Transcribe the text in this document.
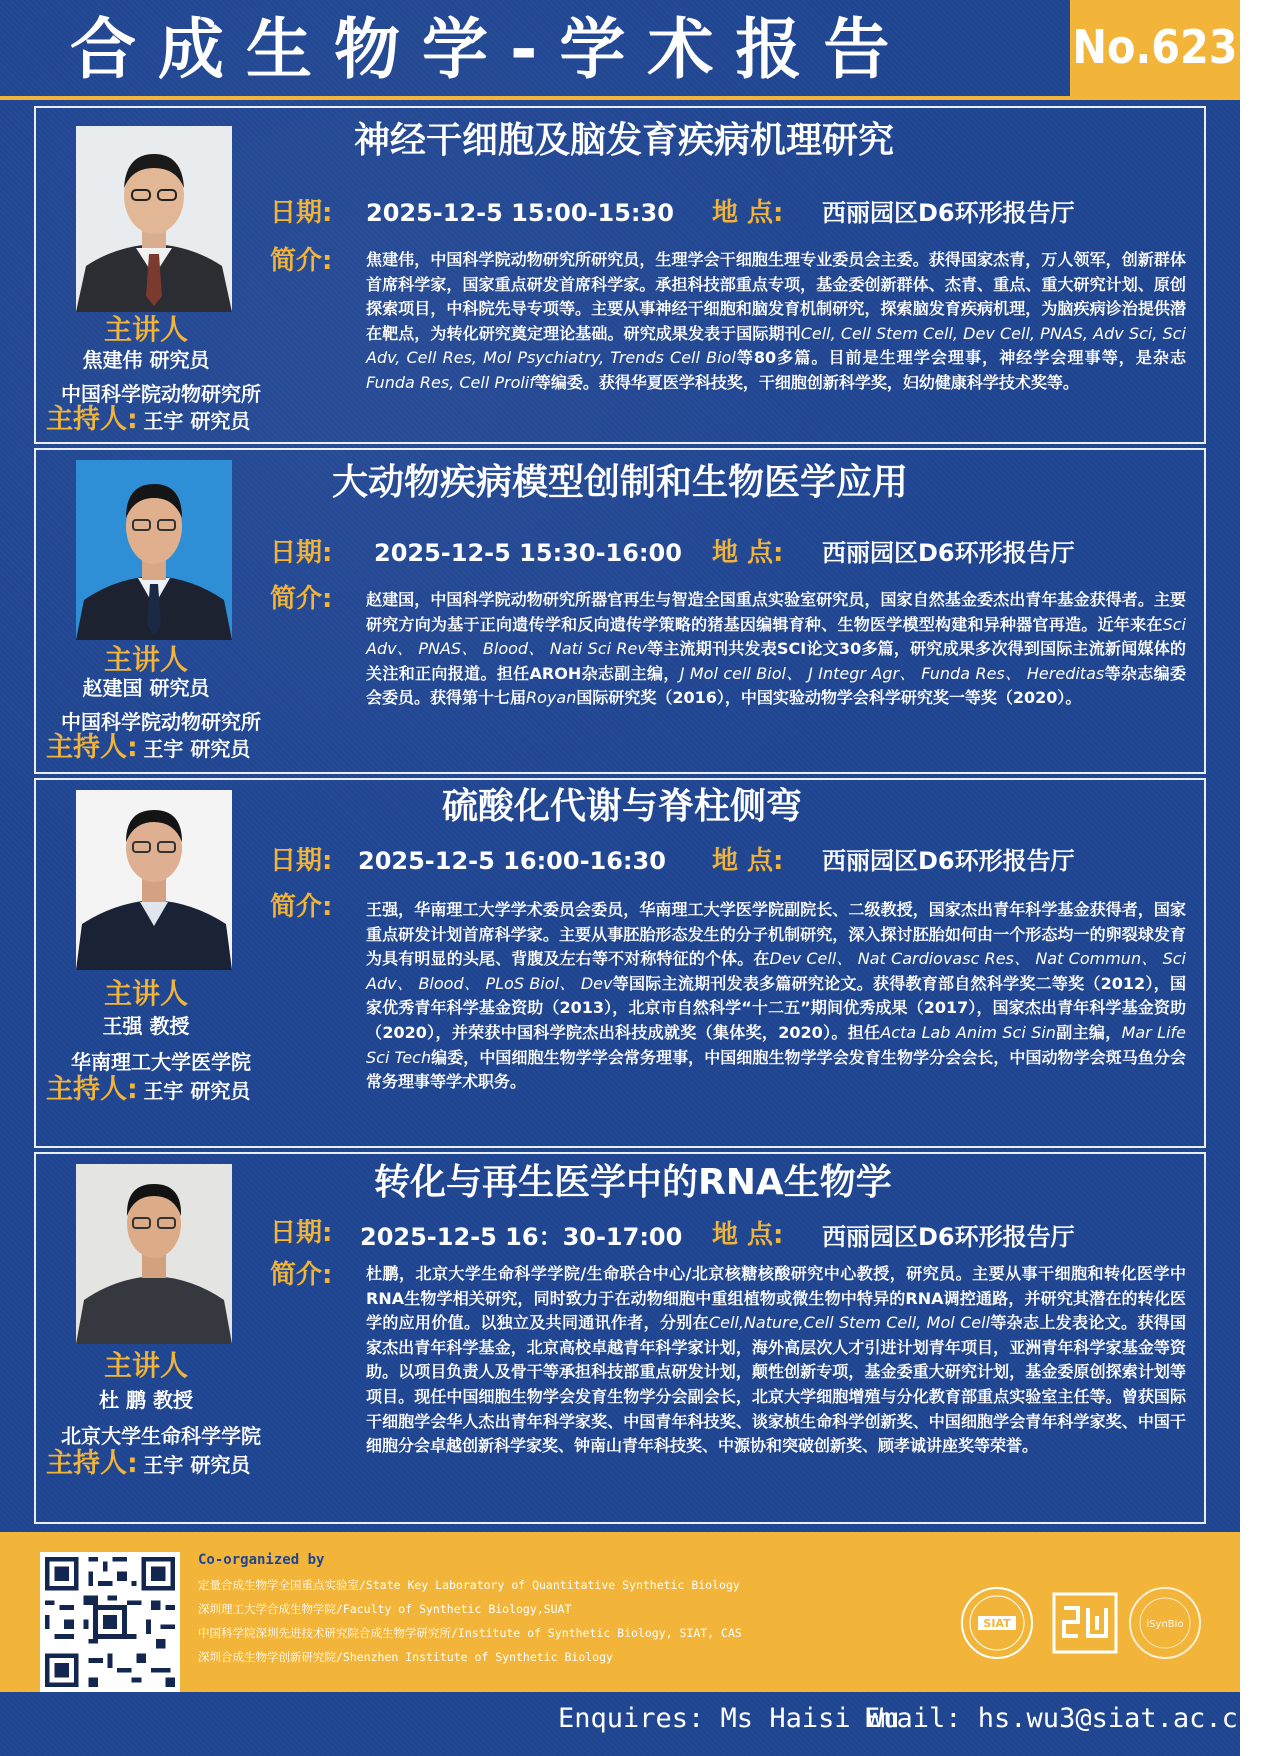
合成生物学-学术报告	No.623
主讲人
焦建伟 研究员
中国科学院动物研究所
主持人: 王宇 研究员
神经干细胞及脑发育疾病机理研究
日期: 2025-12-5 15:00-15:30 地 点: 西丽园区D6环形报告厅
简介: 焦建伟，中国科学院动物研究所研究员，生理学会干细胞生理专业委员会主委。获得国家杰青，万人领军，创新群体首席科学家，国家重点研发首席科学家。承担科技部重点专项，基金委创新群体、杰青、重点、重大研究计划、原创探索项目，中科院先导专项等。主要从事神经干细胞和脑发育机制研究，探索脑发育疾病机理，为脑疾病诊治提供潜在靶点，为转化研究奠定理论基础。研究成果发表于国际期刊Cell, Cell Stem Cell, Dev Cell, PNAS, Adv Sci, Sci Adv, Cell Res, Mol Psychiatry, Trends Cell Biol等80多篇。目前是生理学会理事，神经学会理事等，是杂志Funda Res, Cell Prolif等编委。获得华夏医学科技奖，干细胞创新科学奖，妇幼健康科学技术奖等。
主讲人
赵建国 研究员
中国科学院动物研究所
主持人: 王宇 研究员
大动物疾病模型创制和生物医学应用
日期: 2025-12-5 15:30-16:00 地 点: 西丽园区D6环形报告厅
简介: 赵建国，中国科学院动物研究所器官再生与智造全国重点实验室研究员，国家自然基金委杰出青年基金获得者。主要研究方向为基于正向遗传学和反向遗传学策略的猪基因编辑育种、生物医学模型构建和异种器官再造。近年来在Sci Adv、 PNAS、 Blood、 Nati Sci Rev等主流期刊共发表SCI论文30多篇，研究成果多次得到国际主流新闻媒体的关注和正向报道。担任AROH杂志副主编，J Mol cell Biol、 J Integr Agr、 Funda Res、 Hereditas等杂志编委会委员。获得第十七届Royan国际研究奖（2016），中国实验动物学会科学研究奖一等奖（2020）。
主讲人
王强 教授
华南理工大学医学院
主持人: 王宇 研究员
硫酸化代谢与脊柱侧弯
日期: 2025-12-5 16:00-16:30 地 点: 西丽园区D6环形报告厅
简介: 王强，华南理工大学学术委员会委员，华南理工大学医学院副院长、二级教授，国家杰出青年科学基金获得者，国家重点研发计划首席科学家。主要从事胚胎形态发生的分子机制研究，深入探讨胚胎如何由一个形态均一的卵裂球发育为具有明显的头尾、背腹及左右等不对称特征的个体。在Dev Cell、 Nat Cardiovasc Res、 Nat Commun、 Sci Adv、 Blood、 PLoS Biol、 Dev等国际主流期刊发表多篇研究论文。获得教育部自然科学奖二等奖（2012），国家优秀青年科学基金资助（2013），北京市自然科学“十二五”期间优秀成果（2017），国家杰出青年科学基金资助（2020），并荣获中国科学院杰出科技成就奖（集体奖，2020）。担任Acta Lab Anim Sci Sin副主编，Mar Life Sci Tech编委，中国细胞生物学学会常务理事，中国细胞生物学学会发育生物学分会会长，中国动物学会斑马鱼分会常务理事等学术职务。
主讲人
杜 鹏 教授
北京大学生命科学学院
主持人: 王宇 研究员
转化与再生医学中的RNA生物学
日期: 2025-12-5 16：30-17:00 地 点: 西丽园区D6环形报告厅
简介: 杜鹏，北京大学生命科学学院/生命联合中心/北京核糖核酸研究中心教授，研究员。主要从事干细胞和转化医学中RNA生物学相关研究，同时致力于在动物细胞中重组植物或微生物中特异的RNA调控通路，并研究其潜在的转化医学的应用价值。以独立及共同通讯作者，分别在Cell,Nature,Cell Stem Cell, Mol Cell等杂志上发表论文。获得国家杰出青年科学基金，北京高校卓越青年科学家计划，海外高层次人才引进计划青年项目，亚洲青年科学家基金等资助。以项目负责人及骨干等承担科技部重点研发计划，颠性创新专项，基金委重大研究计划，基金委原创探索计划等项目。现任中国细胞生物学会发育生物学分会副会长，北京大学细胞增殖与分化教育部重点实验室主任等。曾获国际干细胞学会华人杰出青年科学家奖、中国青年科技奖、谈家桢生命科学创新奖、中国细胞学会青年科学家奖、中国干细胞分会卓越创新科学家奖、钟南山青年科技奖、中源协和突破创新奖、顾孝诚讲座奖等荣誉。
Co-organized by
定量合成生物学全国重点实验室/State Key Laboratory of Quantitative Synthetic Biology
深圳理工大学合成生物学院/Faculty of Synthetic Biology,SUAT
中国科学院深圳先进技术研究院合成生物学研究所/Institute of Synthetic Biology, SIAT, CAS
深圳合成生物学创新研究院/Shenzhen Institute of Synthetic Biology
SIAT	iSynBio
Enquires: Ms Haisi Wu
Email: hs.wu3@siat.ac.cn
